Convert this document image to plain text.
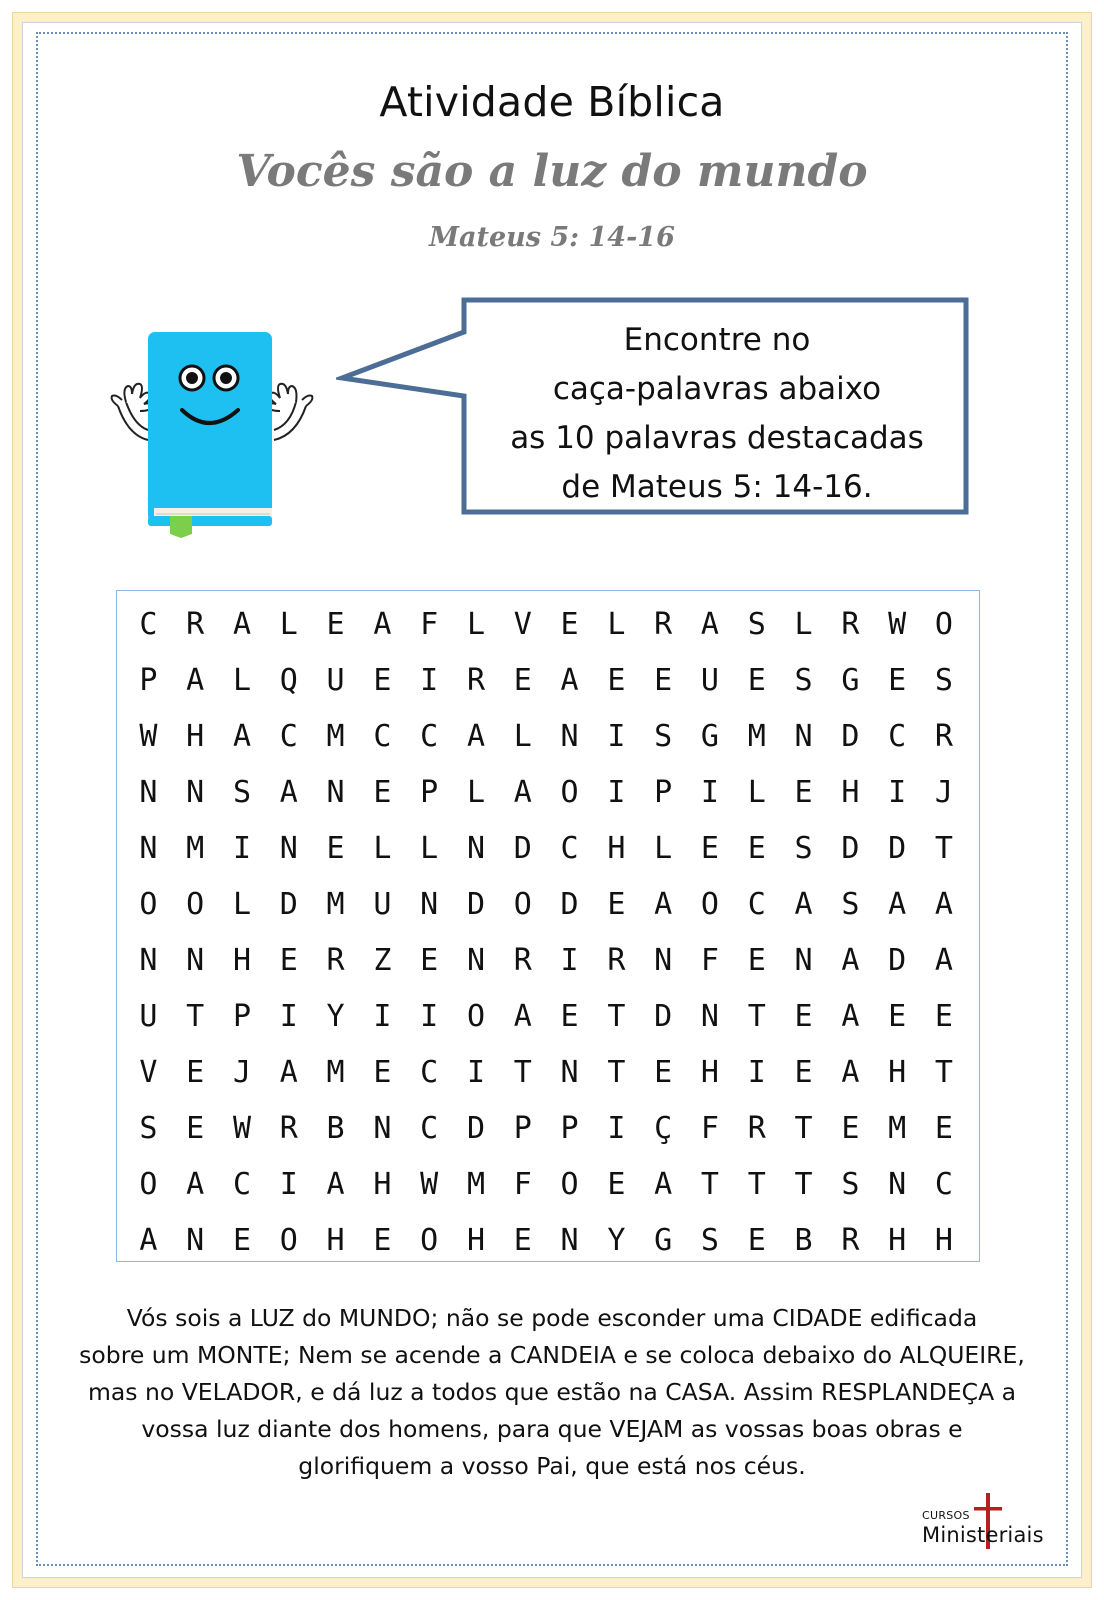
Atividade Bíblica
Vocês são a luz do mundo
Mateus 5: 14-16
Encontre no
caça-palavras abaixo
as 10 palavras destacadas
de Mateus 5: 14-16.
C R A L E A F L V E L R A S L R W O
P A L Q U E I R E A E E U E S G E S
W H A C M C C A L N I S G M N D C R
N N S A N E P L A O I P I L E H I J
N M I N E L L N D C H L E E S D D T
O O L D M U N D O D E A O C A S A A
N N H E R Z E N R I R N F E N A D A
U T P I Y I I O A E T D N T E A E E
V E J A M E C I T N T E H I E A H T
S E W R B N C D P P I Ç F R T E M E
O A C I A H W M F O E A T T T S N C
A N E O H E O H E N Y G S E B R H H
Vós sois a LUZ do MUNDO; não se pode esconder uma CIDADE edificada
sobre um MONTE; Nem se acende a CANDEIA e se coloca debaixo do ALQUEIRE,
mas no VELADOR, e dá luz a todos que estão na CASA. Assim RESPLANDEÇA a
vossa luz diante dos homens, para que VEJAM as vossas boas obras e
glorifiquem a vosso Pai, que está nos céus.
CURSOS
Ministeriais
